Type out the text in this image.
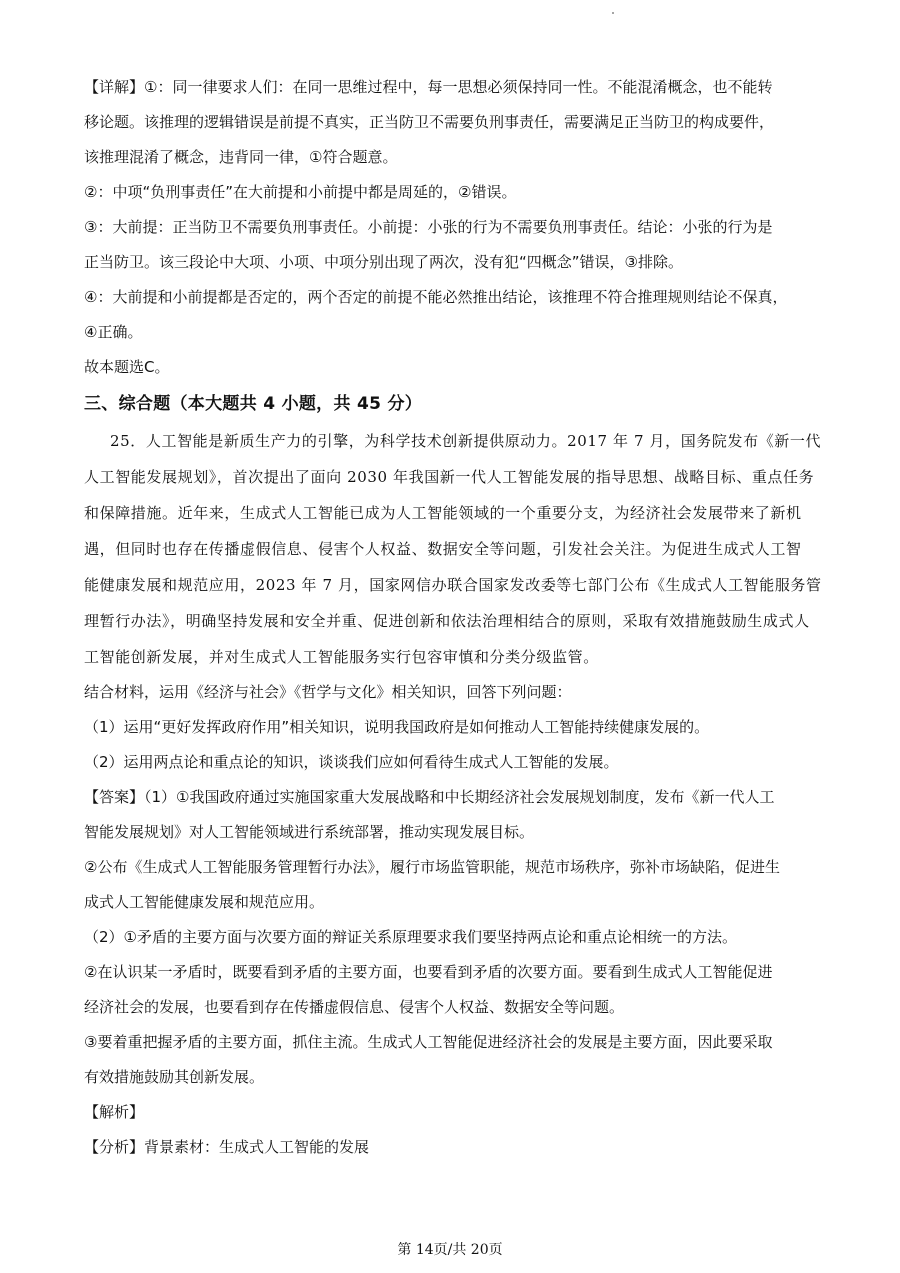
【详解】①：同一律要求人们：在同一思维过程中，每一思想必须保持同一性。不能混淆概念，也不能转
移论题。该推理的逻辑错误是前提不真实，正当防卫不需要负刑事责任，需要满足正当防卫的构成要件，
该推理混淆了概念，违背同一律，①符合题意。
②：中项“负刑事责任”在大前提和小前提中都是周延的，②错误。
③：大前提：正当防卫不需要负刑事责任。小前提：小张的行为不需要负刑事责任。结论：小张的行为是
正当防卫。该三段论中大项、小项、中项分别出现了两次，没有犯“四概念”错误，③排除。
④：大前提和小前提都是否定的，两个否定的前提不能必然推出结论，该推理不符合推理规则结论不保真，
④正确。
故本题选C。
三、综合题（本大题共 4 小题，共 45 分）
25．人工智能是新质生产力的引擎，为科学技术创新提供原动力。2017 年 7 月，国务院发布《新一代
人工智能发展规划》，首次提出了面向 2030 年我国新一代人工智能发展的指导思想、战略目标、重点任务
和保障措施。近年来，生成式人工智能已成为人工智能领域的一个重要分支，为经济社会发展带来了新机
遇，但同时也存在传播虚假信息、侵害个人权益、数据安全等问题，引发社会关注。为促进生成式人工智
能健康发展和规范应用，2023 年 7 月，国家网信办联合国家发改委等七部门公布《生成式人工智能服务管
理暂行办法》，明确坚持发展和安全并重、促进创新和依法治理相结合的原则，采取有效措施鼓励生成式人
工智能创新发展，并对生成式人工智能服务实行包容审慎和分类分级监管。
结合材料，运用《经济与社会》《哲学与文化》相关知识，回答下列问题：
（1）运用“更好发挥政府作用”相关知识，说明我国政府是如何推动人工智能持续健康发展的。
（2）运用两点论和重点论的知识，谈谈我们应如何看待生成式人工智能的发展。
【答案】（1）①我国政府通过实施国家重大发展战略和中长期经济社会发展规划制度，发布《新一代人工
智能发展规划》对人工智能领域进行系统部署，推动实现发展目标。
②公布《生成式人工智能服务管理暂行办法》，履行市场监管职能，规范市场秩序，弥补市场缺陷，促进生
成式人工智能健康发展和规范应用。
（2）①矛盾的主要方面与次要方面的辩证关系原理要求我们要坚持两点论和重点论相统一的方法。
②在认识某一矛盾时，既要看到矛盾的主要方面，也要看到矛盾的次要方面。要看到生成式人工智能促进
经济社会的发展，也要看到存在传播虚假信息、侵害个人权益、数据安全等问题。
③要着重把握矛盾的主要方面，抓住主流。生成式人工智能促进经济社会的发展是主要方面，因此要采取
有效措施鼓励其创新发展。
【解析】
【分析】背景素材：生成式人工智能的发展
第 14页/共 20页
